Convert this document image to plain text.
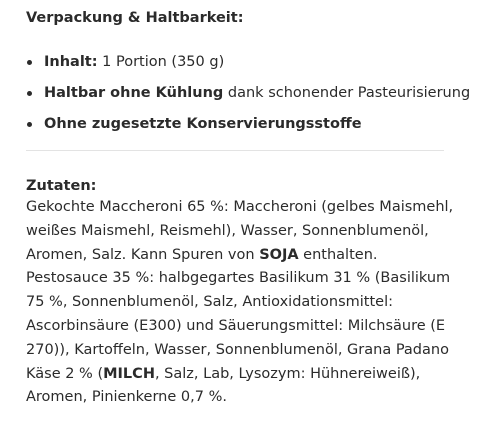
Verpackung & Haltbarkeit:
Inhalt: 1 Portion (350 g)
Haltbar ohne Kühlung dank schonender Pasteurisierung
Ohne zugesetzte Konservierungsstoffe
Zutaten:
Gekochte Maccheroni 65 %: Maccheroni (gelbes Maismehl,
weißes Maismehl, Reismehl), Wasser, Sonnenblumenöl,
Aromen, Salz. Kann Spuren von SOJA enthalten.
Pestosauce 35 %: halbgegartes Basilikum 31 % (Basilikum
75 %, Sonnenblumenöl, Salz, Antioxidationsmittel:
Ascorbinsäure (E300) und Säuerungsmittel: Milchsäure (E
270)), Kartoffeln, Wasser, Sonnenblumenöl, Grana Padano
Käse 2 % (MILCH, Salz, Lab, Lysozym: Hühnereiweiß),
Aromen, Pinienkerne 0,7 %.
